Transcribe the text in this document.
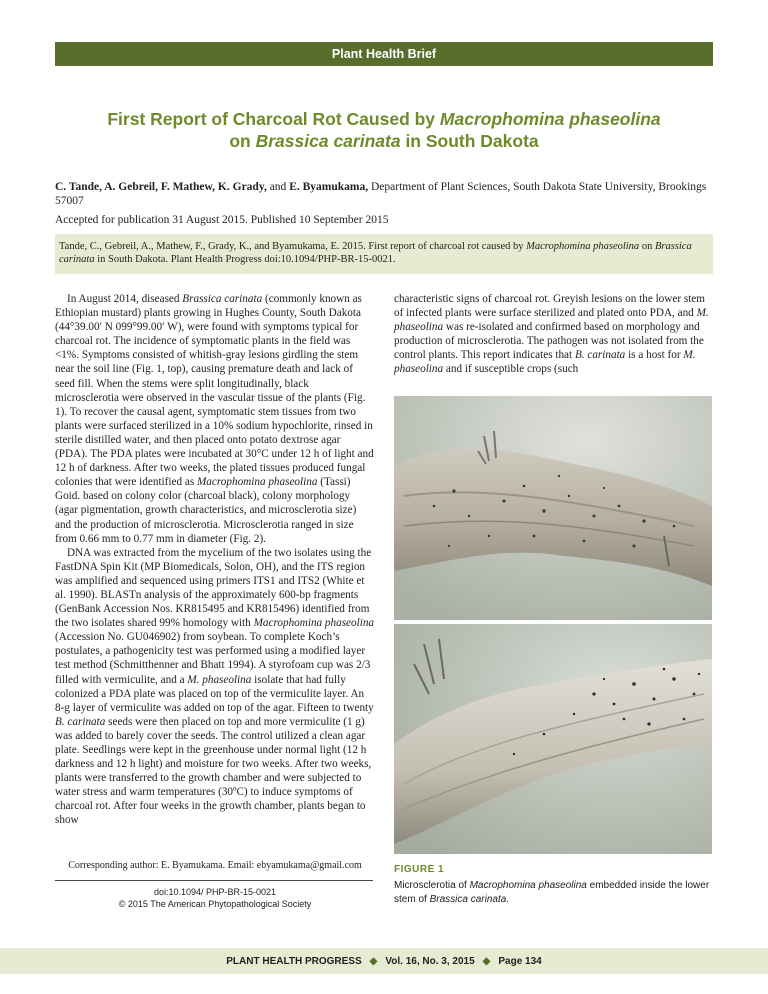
Plant Health Brief
First Report of Charcoal Rot Caused by Macrophomina phaseolina
on Brassica carinata in South Dakota
C. Tande, A. Gebreil, F. Mathew, K. Grady, and E. Byamukama, Department of Plant Sciences, South Dakota State University, Brookings 57007
Accepted for publication 31 August 2015. Published 10 September 2015
Tande, C., Gebreil, A., Mathew, F., Grady, K., and Byamukama, E. 2015. First report of charcoal rot caused by Macrophomina phaseolina on Brassica carinata in South Dakota. Plant Health Progress doi:10.1094/PHP-BR-15-0021.

In August 2014, diseased Brassica carinata (commonly known as Ethiopian mustard) plants growing in Hughes County, South Dakota (44°39.00′ N 099°99.00′ W), were found with symptoms typical for charcoal rot. The incidence of symptomatic plants in the field was <1%. Symptoms consisted of whitish-gray lesions girdling the stem near the soil line (Fig. 1, top), causing premature death and lack of seed fill. When the stems were split longitudinally, black microsclerotia were observed in the vascular tissue of the plants (Fig. 1). To recover the causal agent, symptomatic stem tissues from two plants were surfaced sterilized in a 10% sodium hypochlorite, rinsed in sterile distilled water, and then placed onto potato dextrose agar (PDA). The PDA plates were incubated at 30°C under 12 h of light and 12 h of darkness. After two weeks, the plated tissues produced fungal colonies that were identified as Macrophomina phaseolina (Tassi) Goid. based on colony color (charcoal black), colony morphology (agar pigmentation, growth characteristics, and microsclerotia size) and the production of microsclerotia. Microsclerotia ranged in size from 0.66 mm to 0.77 mm in diameter (Fig. 2).

DNA was extracted from the mycelium of the two isolates using the FastDNA Spin Kit (MP Biomedicals, Solon, OH), and the ITS region was amplified and sequenced using primers ITS1 and ITS2 (White et al. 1990). BLASTn analysis of the approximately 600-bp fragments (GenBank Accession Nos. KR815495 and KR815496) identified from the two isolates shared 99% homology with Macrophomina phaseolina (Accession No. GU046902) from soybean. To complete Koch’s postulates, a pathogenicity test was performed using a modified layer test method (Schmitthenner and Bhatt 1994). A styrofoam cup was 2/3 filled with vermiculite, and a M. phaseolina isolate that had fully colonized a PDA plate was placed on top of the vermiculite layer. An 8-g layer of vermiculite was added on top of the agar. Fifteen to twenty B. carinata seeds were then placed on top and more vermiculite (1 g) was added to barely cover the seeds. The control utilized a clean agar plate. Seedlings were kept in the greenhouse under normal light (12 h darkness and 12 h light) and moisture for two weeks. After two weeks, plants were transferred to the growth chamber and were subjected to water stress and warm temperatures (30ºC) to induce symptoms of charcoal rot. After four weeks in the growth chamber, plants began to show

characteristic signs of charcoal rot. Greyish lesions on the lower stem of infected plants were surface sterilized and plated onto PDA, and M. phaseolina was re-isolated and confirmed based on morphology and production of microsclerotia. The pathogen was not isolated from the control plants. This report indicates that B. carinata is a host for M. phaseolina and if susceptible crops (such

FIGURE 1
Microsclerotia of Macrophomina phaseolina embedded inside the lower stem of Brassica carinata.
Corresponding author: E. Byamukama. Email: ebyamukama@gmail.com
doi:10.1094/ PHP-BR-15-0021
© 2015 The American Phytopathological Society
PLANT HEALTH PROGRESS ◆ Vol. 16, No. 3, 2015 ◆ Page 134
